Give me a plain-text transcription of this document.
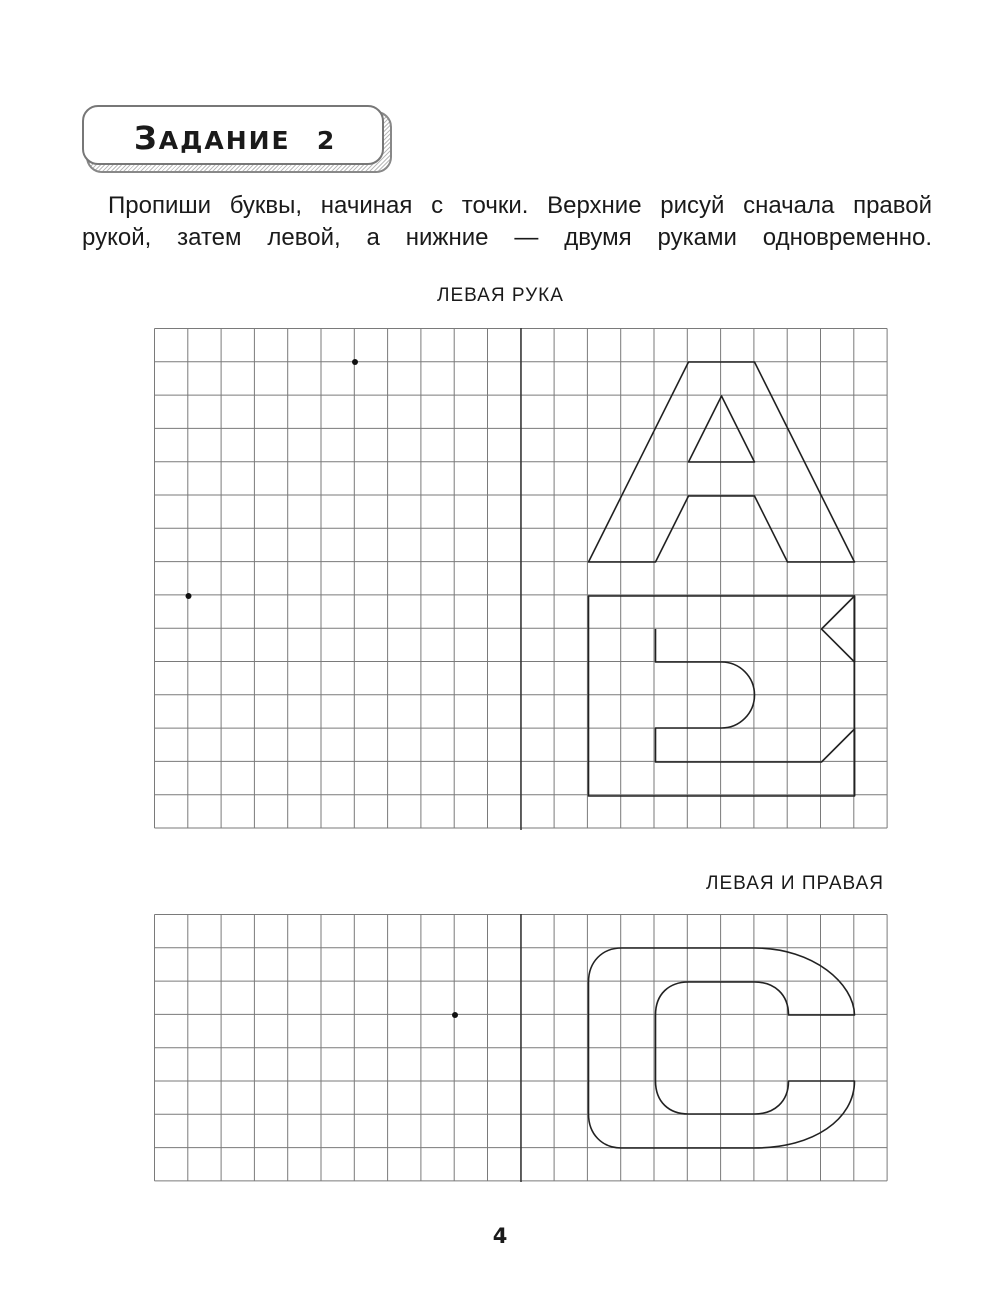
ЗАДАНИЕ 2

Пропиши буквы, начиная с точки. Верхние рисуй сначала правой

рукой, затем левой, а нижние — двумя руками одновременно.

ЛЕВАЯ РУКА
ЛЕВАЯ И ПРАВАЯ
4
